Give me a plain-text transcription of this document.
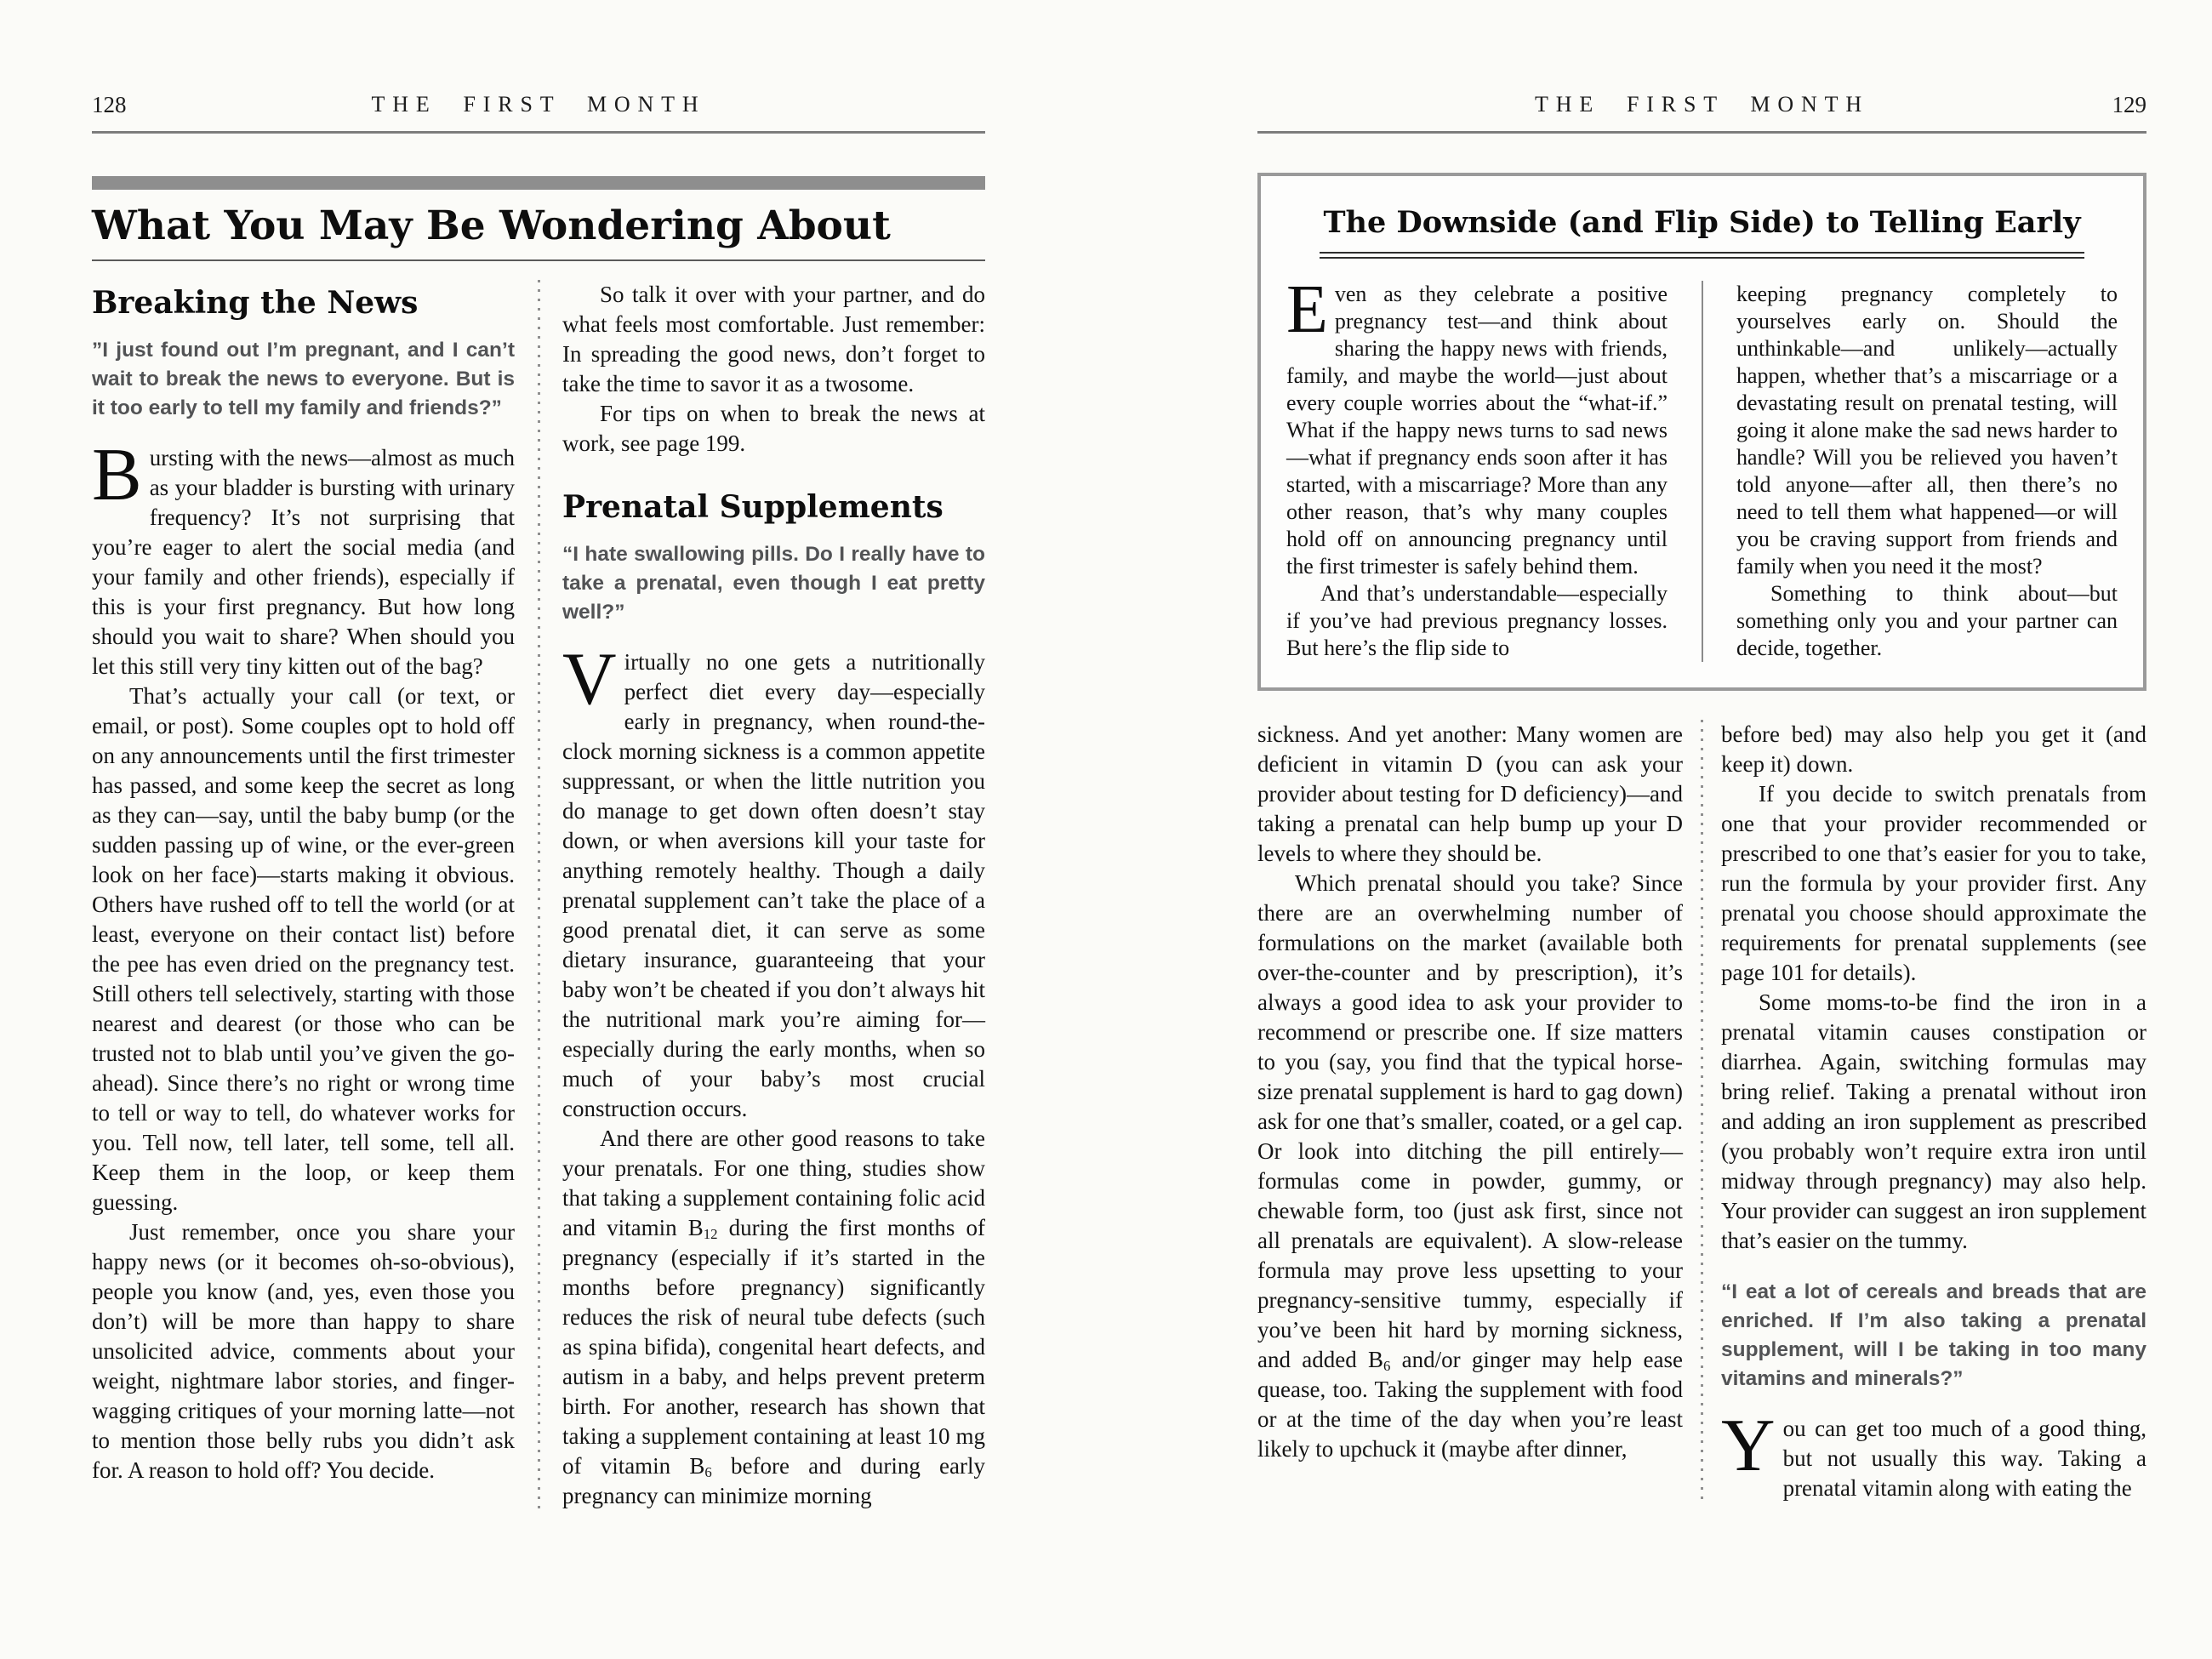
128	THE FIRST MONTH
What You May Be Wondering About
Breaking the News

”I just found out I’m pregnant, and I can’t wait to break the news to everyone. But is it too early to tell my family and friends?”

Bursting with the news—almost as much as your bladder is bursting with urinary frequency? It’s not surprising that you’re eager to alert the social media (and your family and other friends), especially if this is your first pregnancy. But how long should you wait to share? When should you let this still very tiny kitten out of the bag?

That’s actually your call (or text, or email, or post). Some couples opt to hold off on any announcements until the first trimester has passed, and some keep the secret as long as they can—say, until the baby bump (or the sudden passing up of wine, or the ever-green look on her face)—starts making it obvious. Others have rushed off to tell the world (or at least, everyone on their contact list) before the pee has even dried on the pregnancy test. Still others tell selectively, starting with those nearest and dearest (or those who can be trusted not to blab until you’ve given the go-ahead). Since there’s no right or wrong time to tell or way to tell, do whatever works for you. Tell now, tell later, tell some, tell all. Keep them in the loop, or keep them guessing.

Just remember, once you share your happy news (or it becomes oh-so-obvious), people you know (and, yes, even those you don’t) will be more than happy to share unsolicited advice, comments about your weight, nightmare labor stories, and finger-wagging critiques of your morning latte—not to mention those belly rubs you didn’t ask for. A reason to hold off? You decide.

So talk it over with your partner, and do what feels most comfortable. Just remember: In spreading the good news, don’t forget to take the time to savor it as a twosome.

For tips on when to break the news at work, see page 199.

Prenatal Supplements

“I hate swallowing pills. Do I really have to take a prenatal, even though I eat pretty well?”

Virtually no one gets a nutritionally perfect diet every day—especially early in pregnancy, when round-the-clock morning sickness is a common appetite suppressant, or when the little nutrition you do manage to get down often doesn’t stay down, or when aversions kill your taste for anything remotely healthy. Though a daily prenatal supplement can’t take the place of a good prenatal diet, it can serve as some dietary insurance, guaranteeing that your baby won’t be cheated if you don’t always hit the nutritional mark you’re aiming for—especially during the early months, when so much of your baby’s most crucial construction occurs.

And there are other good reasons to take your prenatals. For one thing, studies show that taking a supplement containing folic acid and vitamin $B_{12}$ during the first months of pregnancy (especially if it’s started in the months before pregnancy) significantly reduces the risk of neural tube defects (such as spina bifida), congenital heart defects, and autism in a baby, and helps prevent preterm birth. For another, research has shown that taking a supplement containing at least 10 mg of vitamin $B_6$ before and during early pregnancy can minimize morning

THE FIRST MONTH	129
The Downside (and Flip Side) to Telling Early

Even as they celebrate a positive pregnancy test—and think about sharing the happy news with friends, family, and maybe the world—just about every couple worries about the “what-if.” What if the happy news turns to sad news—what if pregnancy ends soon after it has started, with a miscarriage? More than any other reason, that’s why many couples hold off on announcing pregnancy until the first trimester is safely behind them.

And that’s understandable—especially if you’ve had previous pregnancy losses. But here’s the flip side to

keeping pregnancy completely to yourselves early on. Should the unthinkable—and unlikely—actually happen, whether that’s a miscarriage or a devastating result on prenatal testing, will going it alone make the sad news harder to handle? Will you be relieved you haven’t told anyone—after all, then there’s no need to tell them what happened—or will you be craving support from friends and family when you need it the most?

Something to think about—but something only you and your partner can decide, together.

sickness. And yet another: Many women are deficient in vitamin D (you can ask your provider about testing for D deficiency)—and taking a prenatal can help bump up your D levels to where they should be.

Which prenatal should you take? Since there are an overwhelming number of formulations on the market (available both over-the-counter and by prescription), it’s always a good idea to ask your provider to recommend or prescribe one. If size matters to you (say, you find that the typical horse-size prenatal supplement is hard to gag down) ask for one that’s smaller, coated, or a gel cap. Or look into ditching the pill entirely—formulas come in powder, gummy, or chewable form, too (just ask first, since not all prenatals are equivalent). A slow-release formula may prove less upsetting to your pregnancy-sensitive tummy, especially if you’ve been hit hard by morning sickness, and added $B_6$ and/or ginger may help ease quease, too. Taking the supplement with food or at the time of the day when you’re least likely to upchuck it (maybe after dinner,

before bed) may also help you get it (and keep it) down.

If you decide to switch prenatals from one that your provider recommended or prescribed to one that’s easier for you to take, run the formula by your provider first. Any prenatal you choose should approximate the requirements for prenatal supplements (see page 101 for details).

Some moms-to-be find the iron in a prenatal vitamin causes constipation or diarrhea. Again, switching formulas may bring relief. Taking a prenatal without iron and adding an iron supplement as prescribed (you probably won’t require extra iron until midway through pregnancy) may also help. Your provider can suggest an iron supplement that’s easier on the tummy.

“I eat a lot of cereals and breads that are enriched. If I’m also taking a prenatal supplement, will I be taking in too many vitamins and minerals?”

You can get too much of a good thing, but not usually this way. Taking a prenatal vitamin along with eating the
